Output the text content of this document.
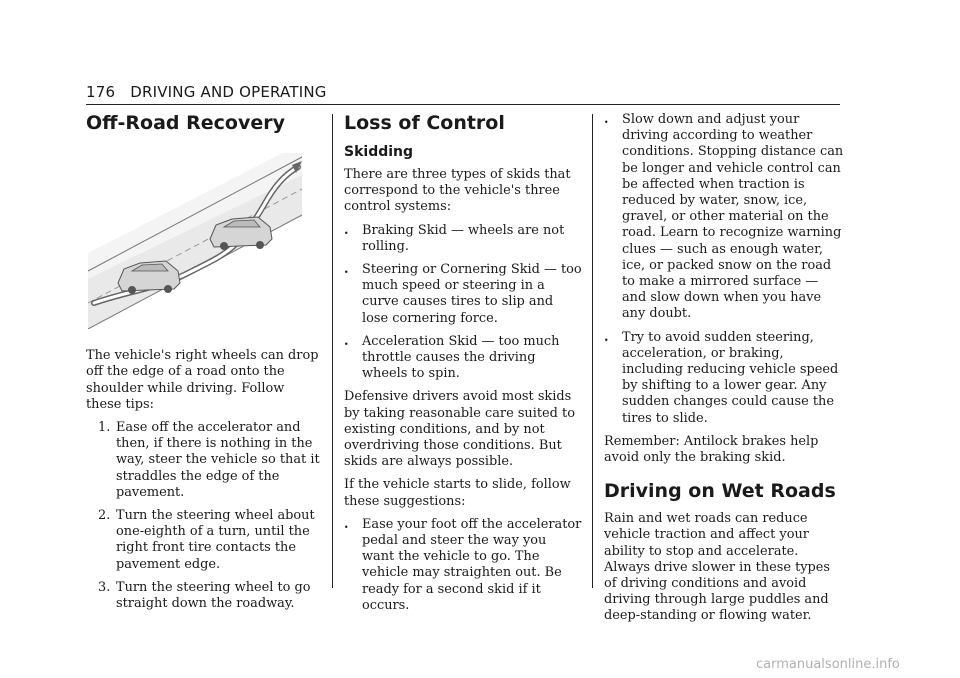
176 DRIVING AND OPERATING
Off-Road Recovery

The vehicle's right wheels can drop off the edge of a road onto the shoulder while driving. Follow these tips:

1. Ease off the accelerator and then, if there is nothing in the way, steer the vehicle so that it straddles the edge of the pavement.
2. Turn the steering wheel about one-eighth of a turn, until the right front tire contacts the pavement edge.
3. Turn the steering wheel to go straight down the roadway.
Loss of Control
Skidding

There are three types of skids that correspond to the vehicle's three control systems:

. Braking Skid — wheels are not rolling.
. Steering or Cornering Skid — too much speed or steering in a curve causes tires to slip and lose cornering force.
. Acceleration Skid — too much throttle causes the driving wheels to spin.

Defensive drivers avoid most skids by taking reasonable care suited to existing conditions, and by not overdriving those conditions. But skids are always possible.

If the vehicle starts to slide, follow these suggestions:

. Ease your foot off the accelerator pedal and steer the way you want the vehicle to go. The vehicle may straighten out. Be ready for a second skid if it occurs.
. Slow down and adjust your driving according to weather conditions. Stopping distance can be longer and vehicle control can be affected when traction is reduced by water, snow, ice, gravel, or other material on the road. Learn to recognize warning clues — such as enough water, ice, or packed snow on the road to make a mirrored surface — and slow down when you have any doubt.
. Try to avoid sudden steering, acceleration, or braking, including reducing vehicle speed by shifting to a lower gear. Any sudden changes could cause the tires to slide.

Remember: Antilock brakes help avoid only the braking skid.

Driving on Wet Roads

Rain and wet roads can reduce vehicle traction and affect your ability to stop and accelerate. Always drive slower in these types of driving conditions and avoid driving through large puddles and deep-standing or flowing water.

carmanualsonline.info
